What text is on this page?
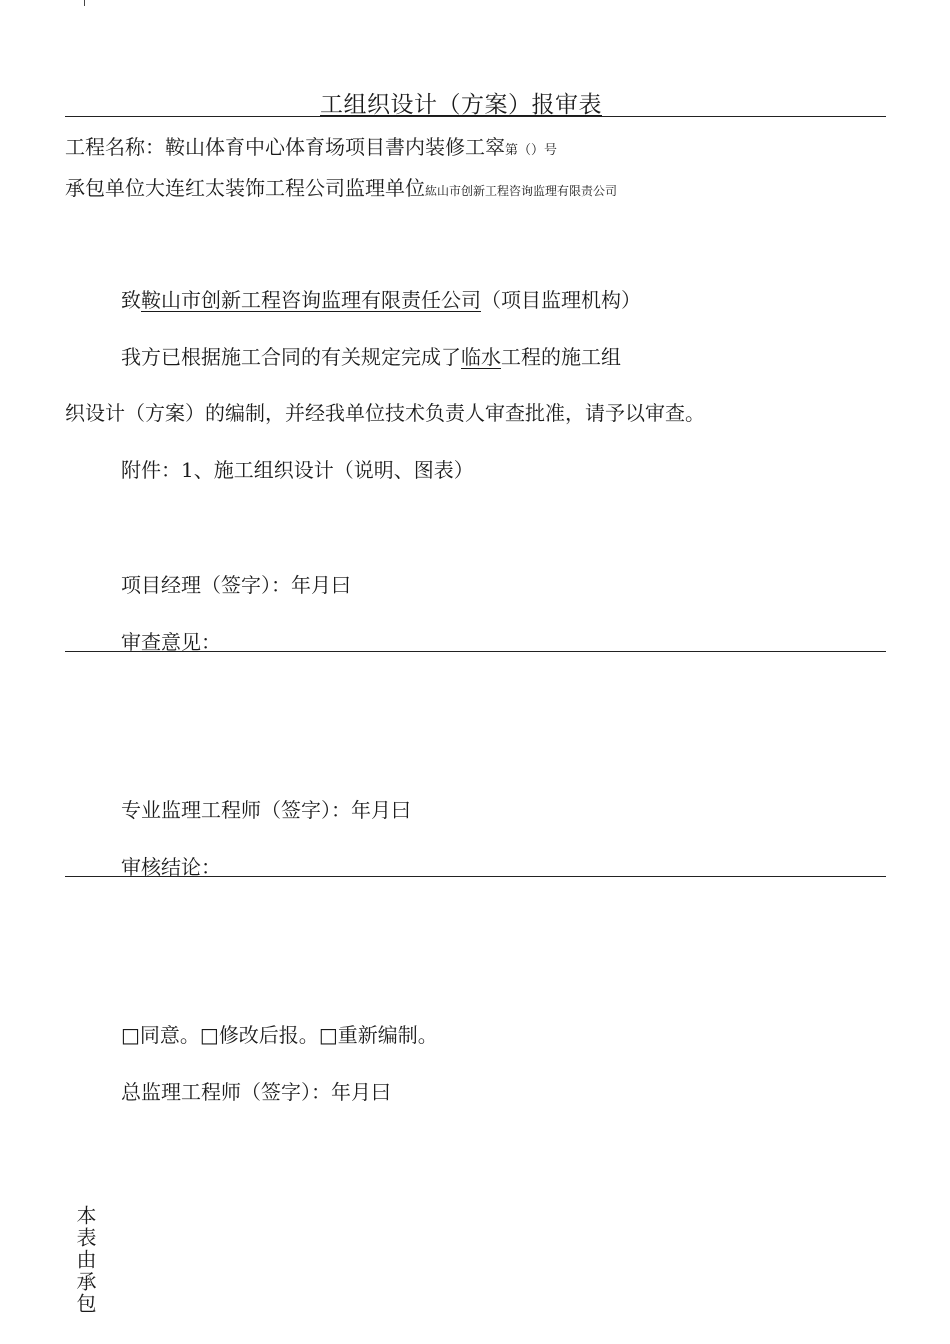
工组织设计（方案）报审表
工程名称：鞍山体育中心体育场项目書内装修工窣第（）号
承包单位大连红太装饰工程公司监理单位紘山市创新工程咨询监理有限责公司
致鞍山市创新工程咨询监理有限责任公司（项目监理机构）
我方已根据施工合同的有关规定完成了临水工程的施工组
织设计（方案）的编制，并经我单位技术负责人审查批准，请予以审查。
附件：1、施工组织设计（说明、图表）
项目经理（签字）：年月曰
审查意见：
专业监理工程师（签字）：年月曰
审核结论：
□同意。□修改后报。□重新编制。
总监理工程师（签字）：年月曰
本表由承包
